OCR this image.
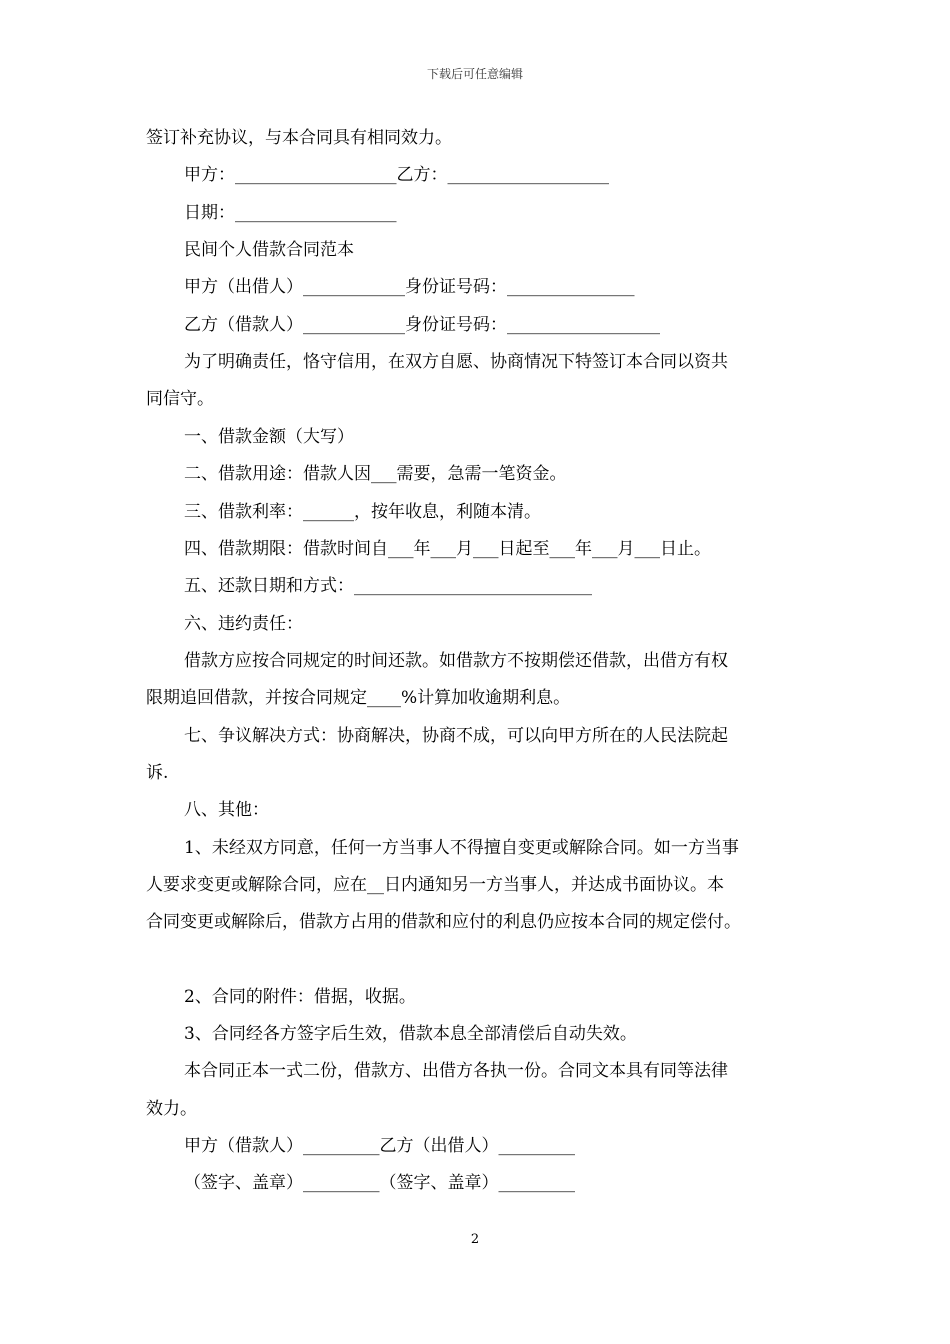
下载后可任意编辑
签订补充协议，与本合同具有相同效力。
甲方：___________________乙方：___________________
日期：___________________
民间个人借款合同范本
甲方（出借人）____________身份证号码：_______________
乙方（借款人）____________身份证号码：__________________
为了明确责任，恪守信用，在双方自愿、协商情况下特签订本合同以资共
同信守。
一、借款金额（大写）
二、借款用途：借款人因___需要，急需一笔资金。
三、借款利率：______，按年收息，利随本清。
四、借款期限：借款时间自___年___月___日起至___年___月___日止。
五、还款日期和方式：____________________________
六、违约责任：
借款方应按合同规定的时间还款。如借款方不按期偿还借款，出借方有权
限期追回借款，并按合同规定____%计算加收逾期利息。
七、争议解决方式：协商解决，协商不成，可以向甲方所在的人民法院起
诉.
八、其他：
1、未经双方同意，任何一方当事人不得擅自变更或解除合同。如一方当事
人要求变更或解除合同，应在__日内通知另一方当事人，并达成书面协议。本
合同变更或解除后，借款方占用的借款和应付的利息仍应按本合同的规定偿付。
2、合同的附件：借据，收据。
3、合同经各方签字后生效，借款本息全部清偿后自动失效。
本合同正本一式二份，借款方、出借方各执一份。合同文本具有同等法律
效力。
甲方（借款人）_________乙方（出借人）_________
（签字、盖章）_________（签字、盖章）_________
2
